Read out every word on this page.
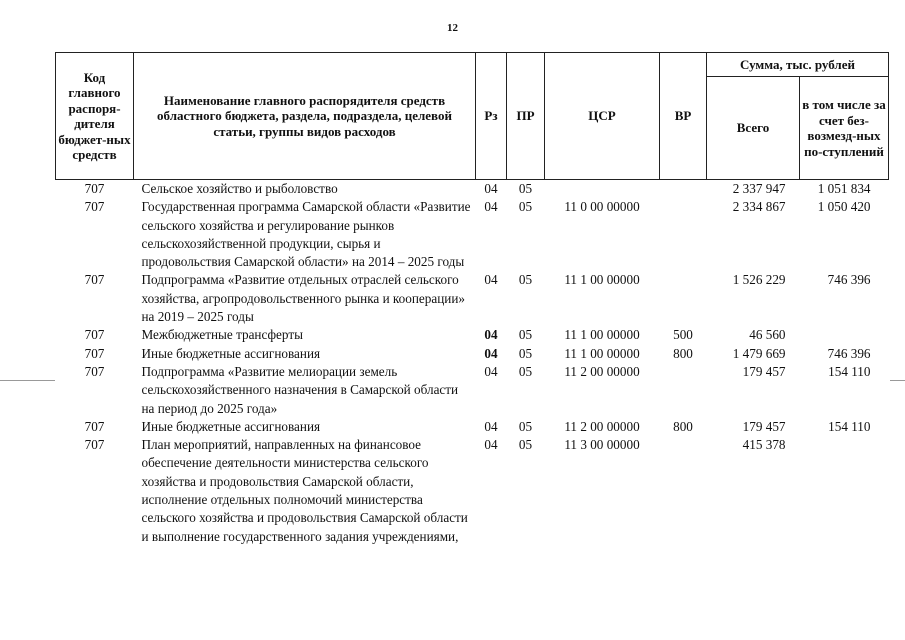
12
Код главного распоря-дителя бюджет-ных средств	Наименование главного распорядителя средств областного бюджета, раздела, подраздела, целевой статьи, группы видов расходов	Рз	ПР	ЦСР	ВР	Сумма, тыс. рублей	
						Всего	в том числе за счет без-возмезд-ных по-ступлений
707	Сельское хозяйство и рыболовство	04	05			2 337 947	1 051 834
707	Государственная программа Самарской области «Развитие сельского хозяйства и регулирование рынков сельскохозяйственной продукции, сырья и продовольствия Самарской области» на 2014 – 2025 годы	04	05	11 0 00 00000		2 334 867	1 050 420
707	Подпрограмма «Развитие отдельных отраслей сельского хозяйства, агропродовольственного рынка и кооперации» на 2019 – 2025 годы	04	05	11 1 00 00000		1 526 229	746 396
707	Межбюджетные трансферты	04	05	11 1 00 00000	500	46 560	
707	Иные бюджетные ассигнования	04	05	11 1 00 00000	800	1 479 669	746 396
707	Подпрограмма «Развитие мелиорации земель сельскохозяйственного назначения в Самарской области на период до 2025 года»	04	05	11 2 00 00000		179 457	154 110
707	Иные бюджетные ассигнования	04	05	11 2 00 00000	800	179 457	154 110
707	План мероприятий, направленных на финансовое обеспечение деятельности министерства сельского хозяйства и продовольствия Самарской области, исполнение отдельных полномочий министерства сельского хозяйства и продовольствия Самарской области и выполнение государственного задания учреждениями,	04	05	11 3 00 00000		415 378	
